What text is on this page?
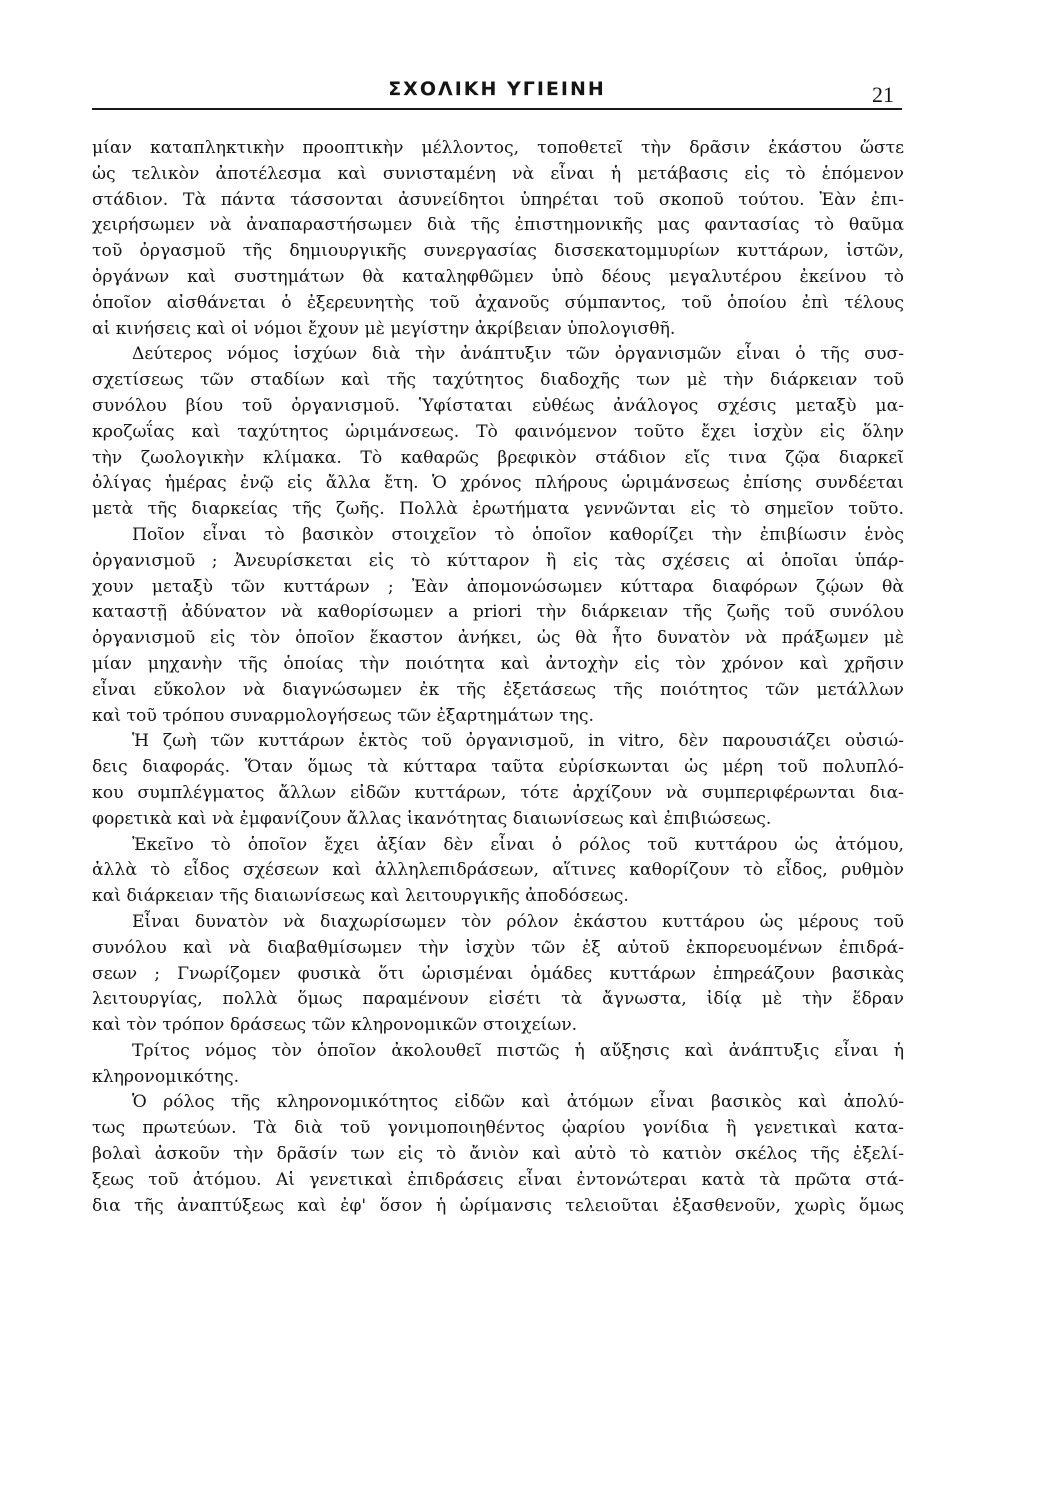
ΣΧΟΛΙΚΗ ΥΓΙΕΙΝΗ	21
μίαν καταπληκτικὴν προοπτικὴν μέλλοντος, τοποθετεῖ τὴν δρᾶσιν ἑκάστου ὥστε
ὡς τελικὸν ἀποτέλεσμα καὶ συνισταμένη νὰ εἶναι ἡ μετάβασις εἰς τὸ ἑπόμενον
στάδιον. Τὰ πάντα τάσσονται ἀσυνείδητοι ὑπηρέται τοῦ σκοποῦ τούτου. Ἐὰν ἐπι-
χειρήσωμεν νὰ ἀναπαραστήσωμεν διὰ τῆς ἐπιστημονικῆς μας φαντασίας τὸ θαῦμα
τοῦ ὀργασμοῦ τῆς δημιουργικῆς συνεργασίας δισσεκατομμυρίων κυττάρων, ἱστῶν,
ὀργάνων καὶ συστημάτων θὰ καταληφθῶμεν ὑπὸ δέους μεγαλυτέρου ἐκείνου τὸ
ὁποῖον αἰσθάνεται ὁ ἐξερευνητὴς τοῦ ἀχανοῦς σύμπαντος, τοῦ ὁποίου ἐπὶ τέλους
αἱ κινήσεις καὶ οἱ νόμοι ἔχουν μὲ μεγίστην ἀκρίβειαν ὑπολογισθῆ.
Δεύτερος νόμος ἰσχύων διὰ τὴν ἀνάπτυξιν τῶν ὀργανισμῶν εἶναι ὁ τῆς συσ-
σχετίσεως τῶν σταδίων καὶ τῆς ταχύτητος διαδοχῆς των μὲ τὴν διάρκειαν τοῦ
συνόλου βίου τοῦ ὀργανισμοῦ. Ὑφίσταται εὐθέως ἀνάλογος σχέσις μεταξὺ μα-
κροζωΐας καὶ ταχύτητος ὡριμάνσεως. Τὸ φαινόμενον τοῦτο ἔχει ἰσχὺν εἰς ὅλην
τὴν ζωολογικὴν κλίμακα. Τὸ καθαρῶς βρεφικὸν στάδιον εἴς τινα ζῷα διαρκεῖ
ὀλίγας ἡμέρας ἐνῷ εἰς ἄλλα ἔτη. Ὁ χρόνος πλήρους ὡριμάνσεως ἐπίσης συνδέεται
μετὰ τῆς διαρκείας τῆς ζωῆς. Πολλὰ ἐρωτήματα γεννῶνται εἰς τὸ σημεῖον τοῦτο.
Ποῖον εἶναι τὸ βασικὸν στοιχεῖον τὸ ὁποῖον καθορίζει τὴν ἐπιβίωσιν ἑνὸς
ὀργανισμοῦ ; Ἀνευρίσκεται εἰς τὸ κύτταρον ἢ εἰς τὰς σχέσεις αἱ ὁποῖαι ὑπάρ-
χουν μεταξὺ τῶν κυττάρων ; Ἐὰν ἀπομονώσωμεν κύτταρα διαφόρων ζῴων θὰ
καταστῇ ἀδύνατον νὰ καθορίσωμεν a priori τὴν διάρκειαν τῆς ζωῆς τοῦ συνόλου
ὀργανισμοῦ εἰς τὸν ὁποῖον ἕκαστον ἀνήκει, ὡς θὰ ἦτο δυνατὸν νὰ πράξωμεν μὲ
μίαν μηχανὴν τῆς ὁποίας τὴν ποιότητα καὶ ἀντοχὴν εἰς τὸν χρόνον καὶ χρῆσιν
εἶναι εὔκολον νὰ διαγνώσωμεν ἐκ τῆς ἐξετάσεως τῆς ποιότητος τῶν μετάλλων
καὶ τοῦ τρόπου συναρμολογήσεως τῶν ἐξαρτημάτων της.
Ἡ ζωὴ τῶν κυττάρων ἐκτὸς τοῦ ὀργανισμοῦ, in vitro, δὲν παρουσιάζει οὐσιώ-
δεις διαφοράς. Ὅταν ὅμως τὰ κύτταρα ταῦτα εὑρίσκωνται ὡς μέρη τοῦ πολυπλό-
κου συμπλέγματος ἄλλων εἰδῶν κυττάρων, τότε ἀρχίζουν νὰ συμπεριφέρωνται δια-
φορετικὰ καὶ νὰ ἐμφανίζουν ἄλλας ἱκανότητας διαιωνίσεως καὶ ἐπιβιώσεως.
Ἐκεῖνο τὸ ὁποῖον ἔχει ἀξίαν δὲν εἶναι ὁ ρόλος τοῦ κυττάρου ὡς ἀτόμου,
ἀλλὰ τὸ εἶδος σχέσεων καὶ ἀλληλεπιδράσεων, αἵτινες καθορίζουν τὸ εἶδος, ρυθμὸν
καὶ διάρκειαν τῆς διαιωνίσεως καὶ λειτουργικῆς ἀποδόσεως.
Εἶναι δυνατὸν νὰ διαχωρίσωμεν τὸν ρόλον ἑκάστου κυττάρου ὡς μέρους τοῦ
συνόλου καὶ νὰ διαβαθμίσωμεν τὴν ἰσχὺν τῶν ἐξ αὐτοῦ ἐκπορευομένων ἐπιδρά-
σεων ; Γνωρίζομεν φυσικὰ ὅτι ὡρισμέναι ὁμάδες κυττάρων ἐπηρεάζουν βασικὰς
λειτουργίας, πολλὰ ὅμως παραμένουν εἰσέτι τὰ ἄγνωστα, ἰδίᾳ μὲ τὴν ἕδραν
καὶ τὸν τρόπον δράσεως τῶν κληρονομικῶν στοιχείων.
Τρίτος νόμος τὸν ὁποῖον ἀκολουθεῖ πιστῶς ἡ αὔξησις καὶ ἀνάπτυξις εἶναι ἡ
κληρονομικότης.
Ὁ ρόλος τῆς κληρονομικότητος εἰδῶν καὶ ἀτόμων εἶναι βασικὸς καὶ ἀπολύ-
τως πρωτεύων. Τὰ διὰ τοῦ γονιμοποιηθέντος ᾠαρίου γονίδια ἢ γενετικαὶ κατα-
βολαὶ ἀσκοῦν τὴν δρᾶσίν των εἰς τὸ ἄνιὸν καὶ αὐτὸ τὸ κατιὸν σκέλος τῆς ἐξελί-
ξεως τοῦ ἀτόμου. Αἱ γενετικαὶ ἐπιδράσεις εἶναι ἐντονώτεραι κατὰ τὰ πρῶτα στά-
δια τῆς ἀναπτύξεως καὶ ἐφ' ὅσον ἡ ὡρίμανσις τελειοῦται ἐξασθενοῦν, χωρὶς ὅμως
